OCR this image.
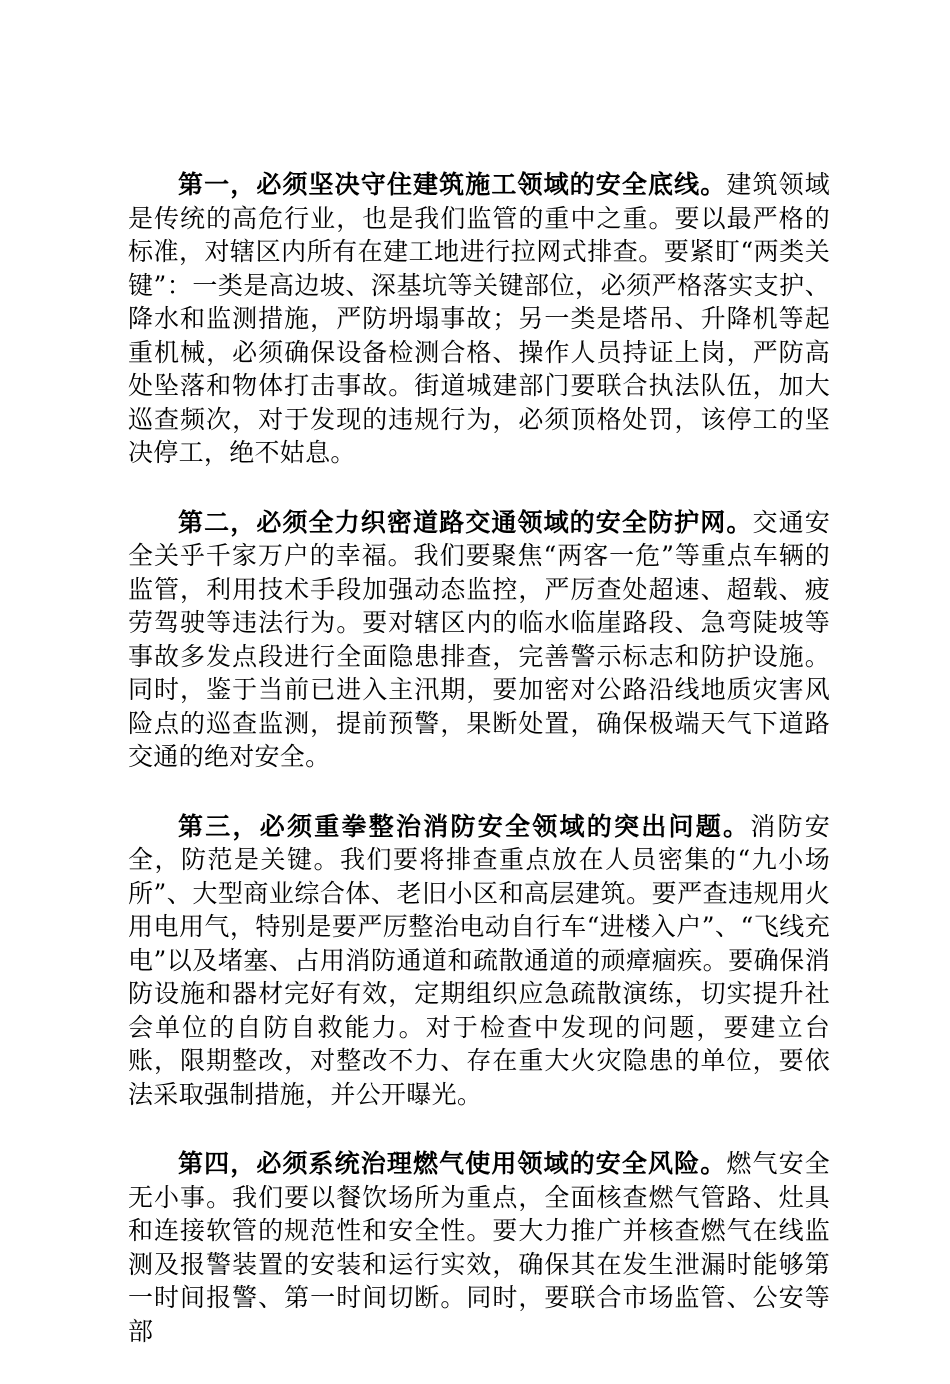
第一，必须坚决守住建筑施工领域的安全底线。建筑领域是传统的高危行业，也是我们监管的重中之重。要以最严格的标准，对辖区内所有在建工地进行拉网式排查。要紧盯“两类关键”：一类是高边坡、深基坑等关键部位，必须严格落实支护、降水和监测措施，严防坍塌事故；另一类是塔吊、升降机等起重机械，必须确保设备检测合格、操作人员持证上岗，严防高处坠落和物体打击事故。街道城建部门要联合执法队伍，加大巡查频次，对于发现的违规行为，必须顶格处罚，该停工的坚决停工，绝不姑息。

第二，必须全力织密道路交通领域的安全防护网。交通安全关乎千家万户的幸福。我们要聚焦“两客一危”等重点车辆的监管，利用技术手段加强动态监控，严厉查处超速、超载、疲劳驾驶等违法行为。要对辖区内的临水临崖路段、急弯陡坡等事故多发点段进行全面隐患排查，完善警示标志和防护设施。同时，鉴于当前已进入主汛期，要加密对公路沿线地质灾害风险点的巡查监测，提前预警，果断处置，确保极端天气下道路交通的绝对安全。

第三，必须重拳整治消防安全领域的突出问题。消防安全，防范是关键。我们要将排查重点放在人员密集的“九小场所”、大型商业综合体、老旧小区和高层建筑。要严查违规用火用电用气，特别是要严厉整治电动自行车“进楼入户”、“飞线充电”以及堵塞、占用消防通道和疏散通道的顽瘴痼疾。要确保消防设施和器材完好有效，定期组织应急疏散演练，切实提升社会单位的自防自救能力。对于检查中发现的问题，要建立台账，限期整改，对整改不力、存在重大火灾隐患的单位，要依法采取强制措施，并公开曝光。

第四，必须系统治理燃气使用领域的安全风险。燃气安全无小事。我们要以餐饮场所为重点，全面核查燃气管路、灶具和连接软管的规范性和安全性。要大力推广并核查燃气在线监测及报警装置的安装和运行实效，确保其在发生泄漏时能够第一时间报警、第一时间切断。同时，要联合市场监管、公安等部
